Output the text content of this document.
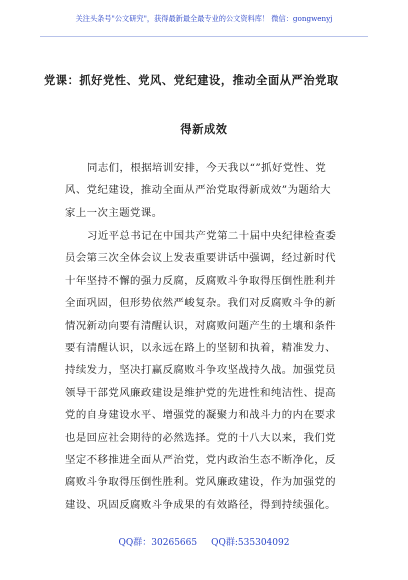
关注头条号"公文研究"，获得最新最全最专业的公文资料库！ 微信：gongwenyj
党课：抓好党性、党风、党纪建设，推动全面从严治党取
得新成效
同志们，根据培训安排，今天我以“”抓好党性、党
风、党纪建设，推动全面从严治党取得新成效”为题给大
家上一次主题党课。
习近平总书记在中国共产党第二十届中央纪律检查委
员会第三次全体会议上发表重要讲话中强调，经过新时代
十年坚持不懈的强力反腐，反腐败斗争取得压倒性胜利并
全面巩固，但形势依然严峻复杂。我们对反腐败斗争的新
情况新动向要有清醒认识，对腐败问题产生的土壤和条件
要有清醒认识，以永远在路上的坚韧和执着，精准发力、
持续发力，坚决打赢反腐败斗争攻坚战持久战。加强党员
领导干部党风廉政建设是维护党的先进性和纯洁性、提高
党的自身建设水平、增强党的凝聚力和战斗力的内在要求
也是回应社会期待的必然选择。党的十八大以来，我们党
坚定不移推进全面从严治党，党内政治生态不断净化，反
腐败斗争取得压倒性胜利。党风廉政建设，作为加强党的
建设、巩固反腐败斗争成果的有效路径，得到持续强化。
QQ群：30265665 QQ群:535304092
